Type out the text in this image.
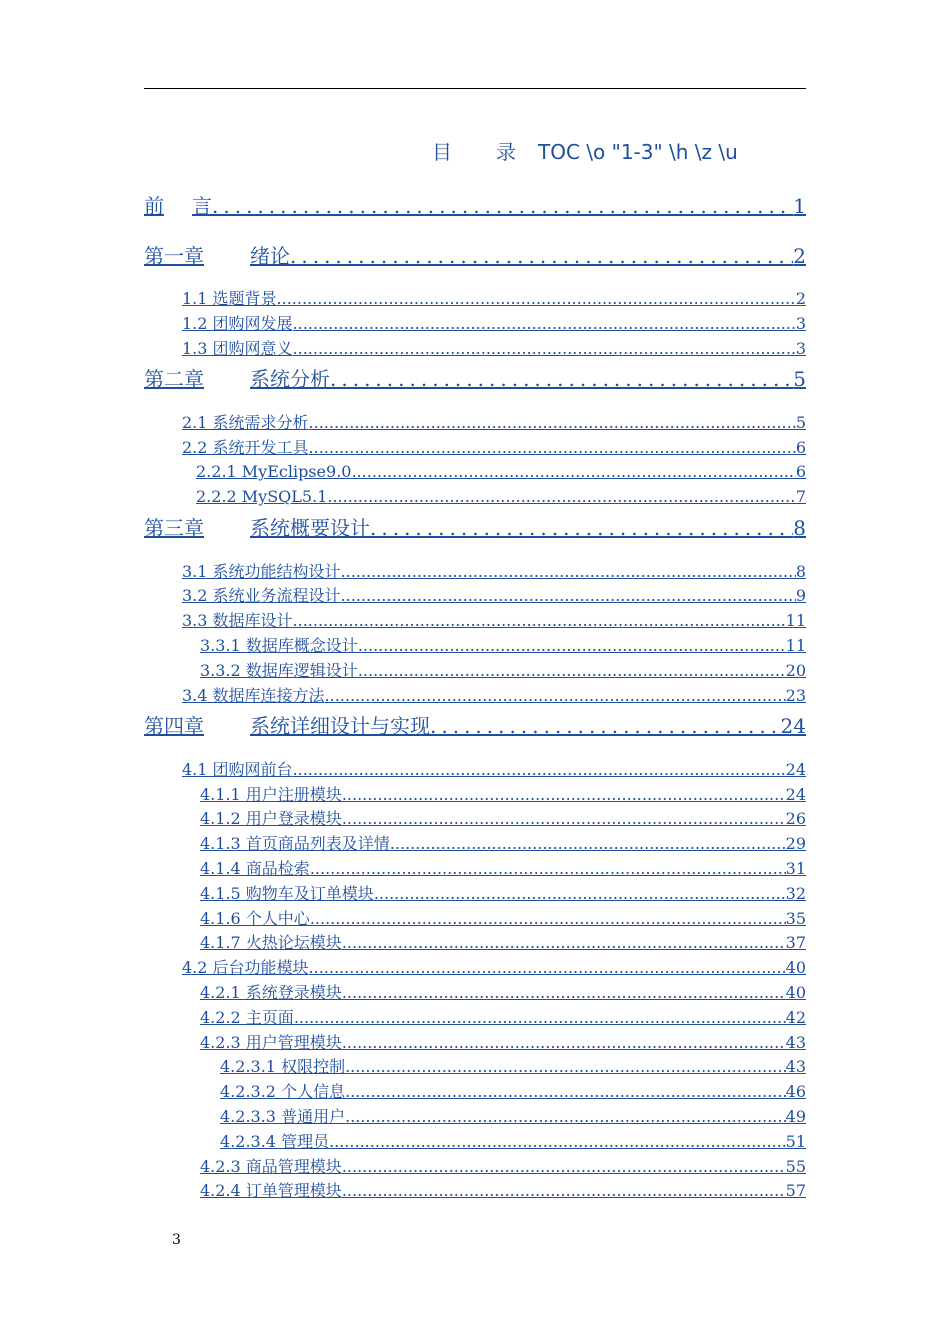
目 录 TOC \o "1-3" \h \z \u
前 言 .....	1
第一章 绪论 .....	2
1.1 选题背景 .....	2
1.2 团购网发展 .....	3
1.3 团购网意义 .....	3
第二章 系统分析 .....	5
2.1 系统需求分析 .....	5
2.2 系统开发工具 .....	6
2.2.1 MyEclipse9.0 .....	6
2.2.2 MySQL5.1 .....	7
第三章 系统概要设计 .....	8
3.1 系统功能结构设计 .....	8
3.2 系统业务流程设计 .....	9
3.3 数据库设计 .....	11
3.3.1 数据库概念设计 .....	11
3.3.2 数据库逻辑设计 .....	20
3.4 数据库连接方法 .....	23
第四章 系统详细设计与实现 .....	24
4.1 团购网前台 .....	24
4.1.1 用户注册模块 .....	24
4.1.2 用户登录模块 .....	26
4.1.3 首页商品列表及详情 .....	29
4.1.4 商品检索 .....	31
4.1.5 购物车及订单模块 .....	32
4.1.6 个人中心 .....	35
4.1.7 火热论坛模块 .....	37
4.2 后台功能模块 .....	40
4.2.1 系统登录模块 .....	40
4.2.2 主页面 .....	42
4.2.3 用户管理模块 .....	43
4.2.3.1 权限控制 .....	43
4.2.3.2 个人信息 .....	46
4.2.3.3 普通用户 .....	49
4.2.3.4 管理员 .....	51
4.2.3 商品管理模块 .....	55
4.2.4 订单管理模块 .....	57
3
